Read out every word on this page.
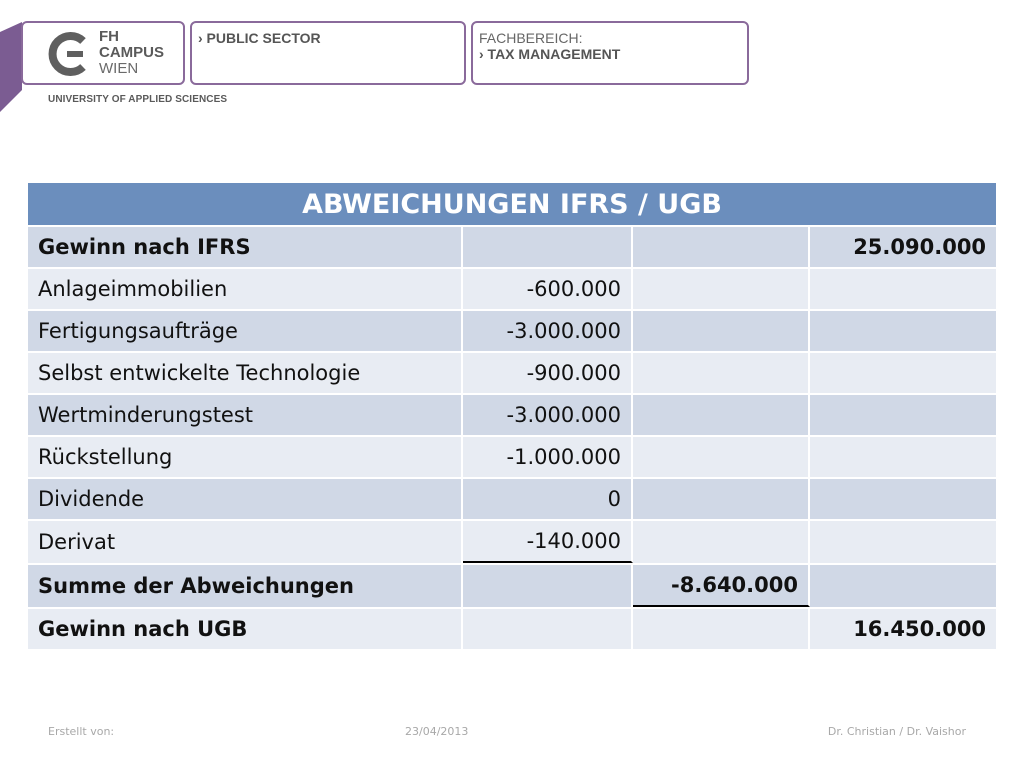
FH
CAMPUS
WIEN
› PUBLIC SECTOR	FACHBEREICH:
› TAX MANAGEMENT
UNIVERSITY OF APPLIED SCIENCES
ABWEICHUNGEN IFRS / UGB			
Gewinn nach IFRS			25.090.000
Anlageimmobilien	-600.000		
Fertigungsaufträge	-3.000.000		
Selbst entwickelte Technologie	-900.000		
Wertminderungstest	-3.000.000		
Rückstellung	-1.000.000		
Dividende	0		
Derivat	-140.000		
Summe der Abweichungen		-8.640.000	
Gewinn nach UGB			16.450.000
Erstellt von:	23/04/2013	Dr. Christian / Dr. Vaishor
